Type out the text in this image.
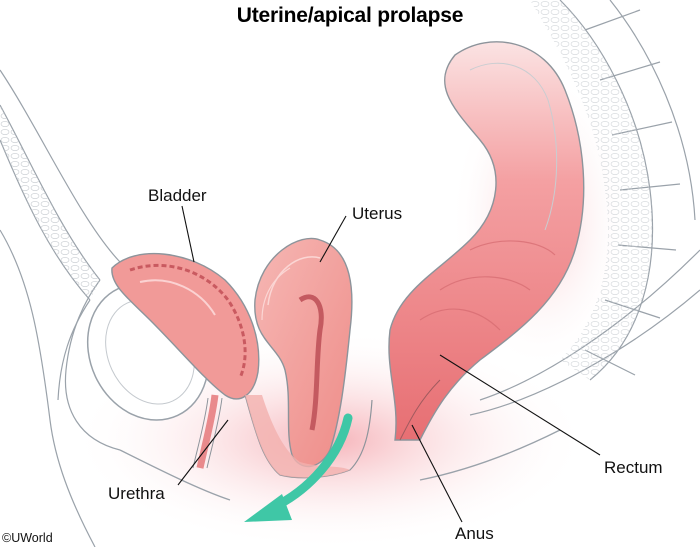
Uterine/apical prolapse
Bladder
Uterus
Urethra
Rectum
Anus
©UWorld
